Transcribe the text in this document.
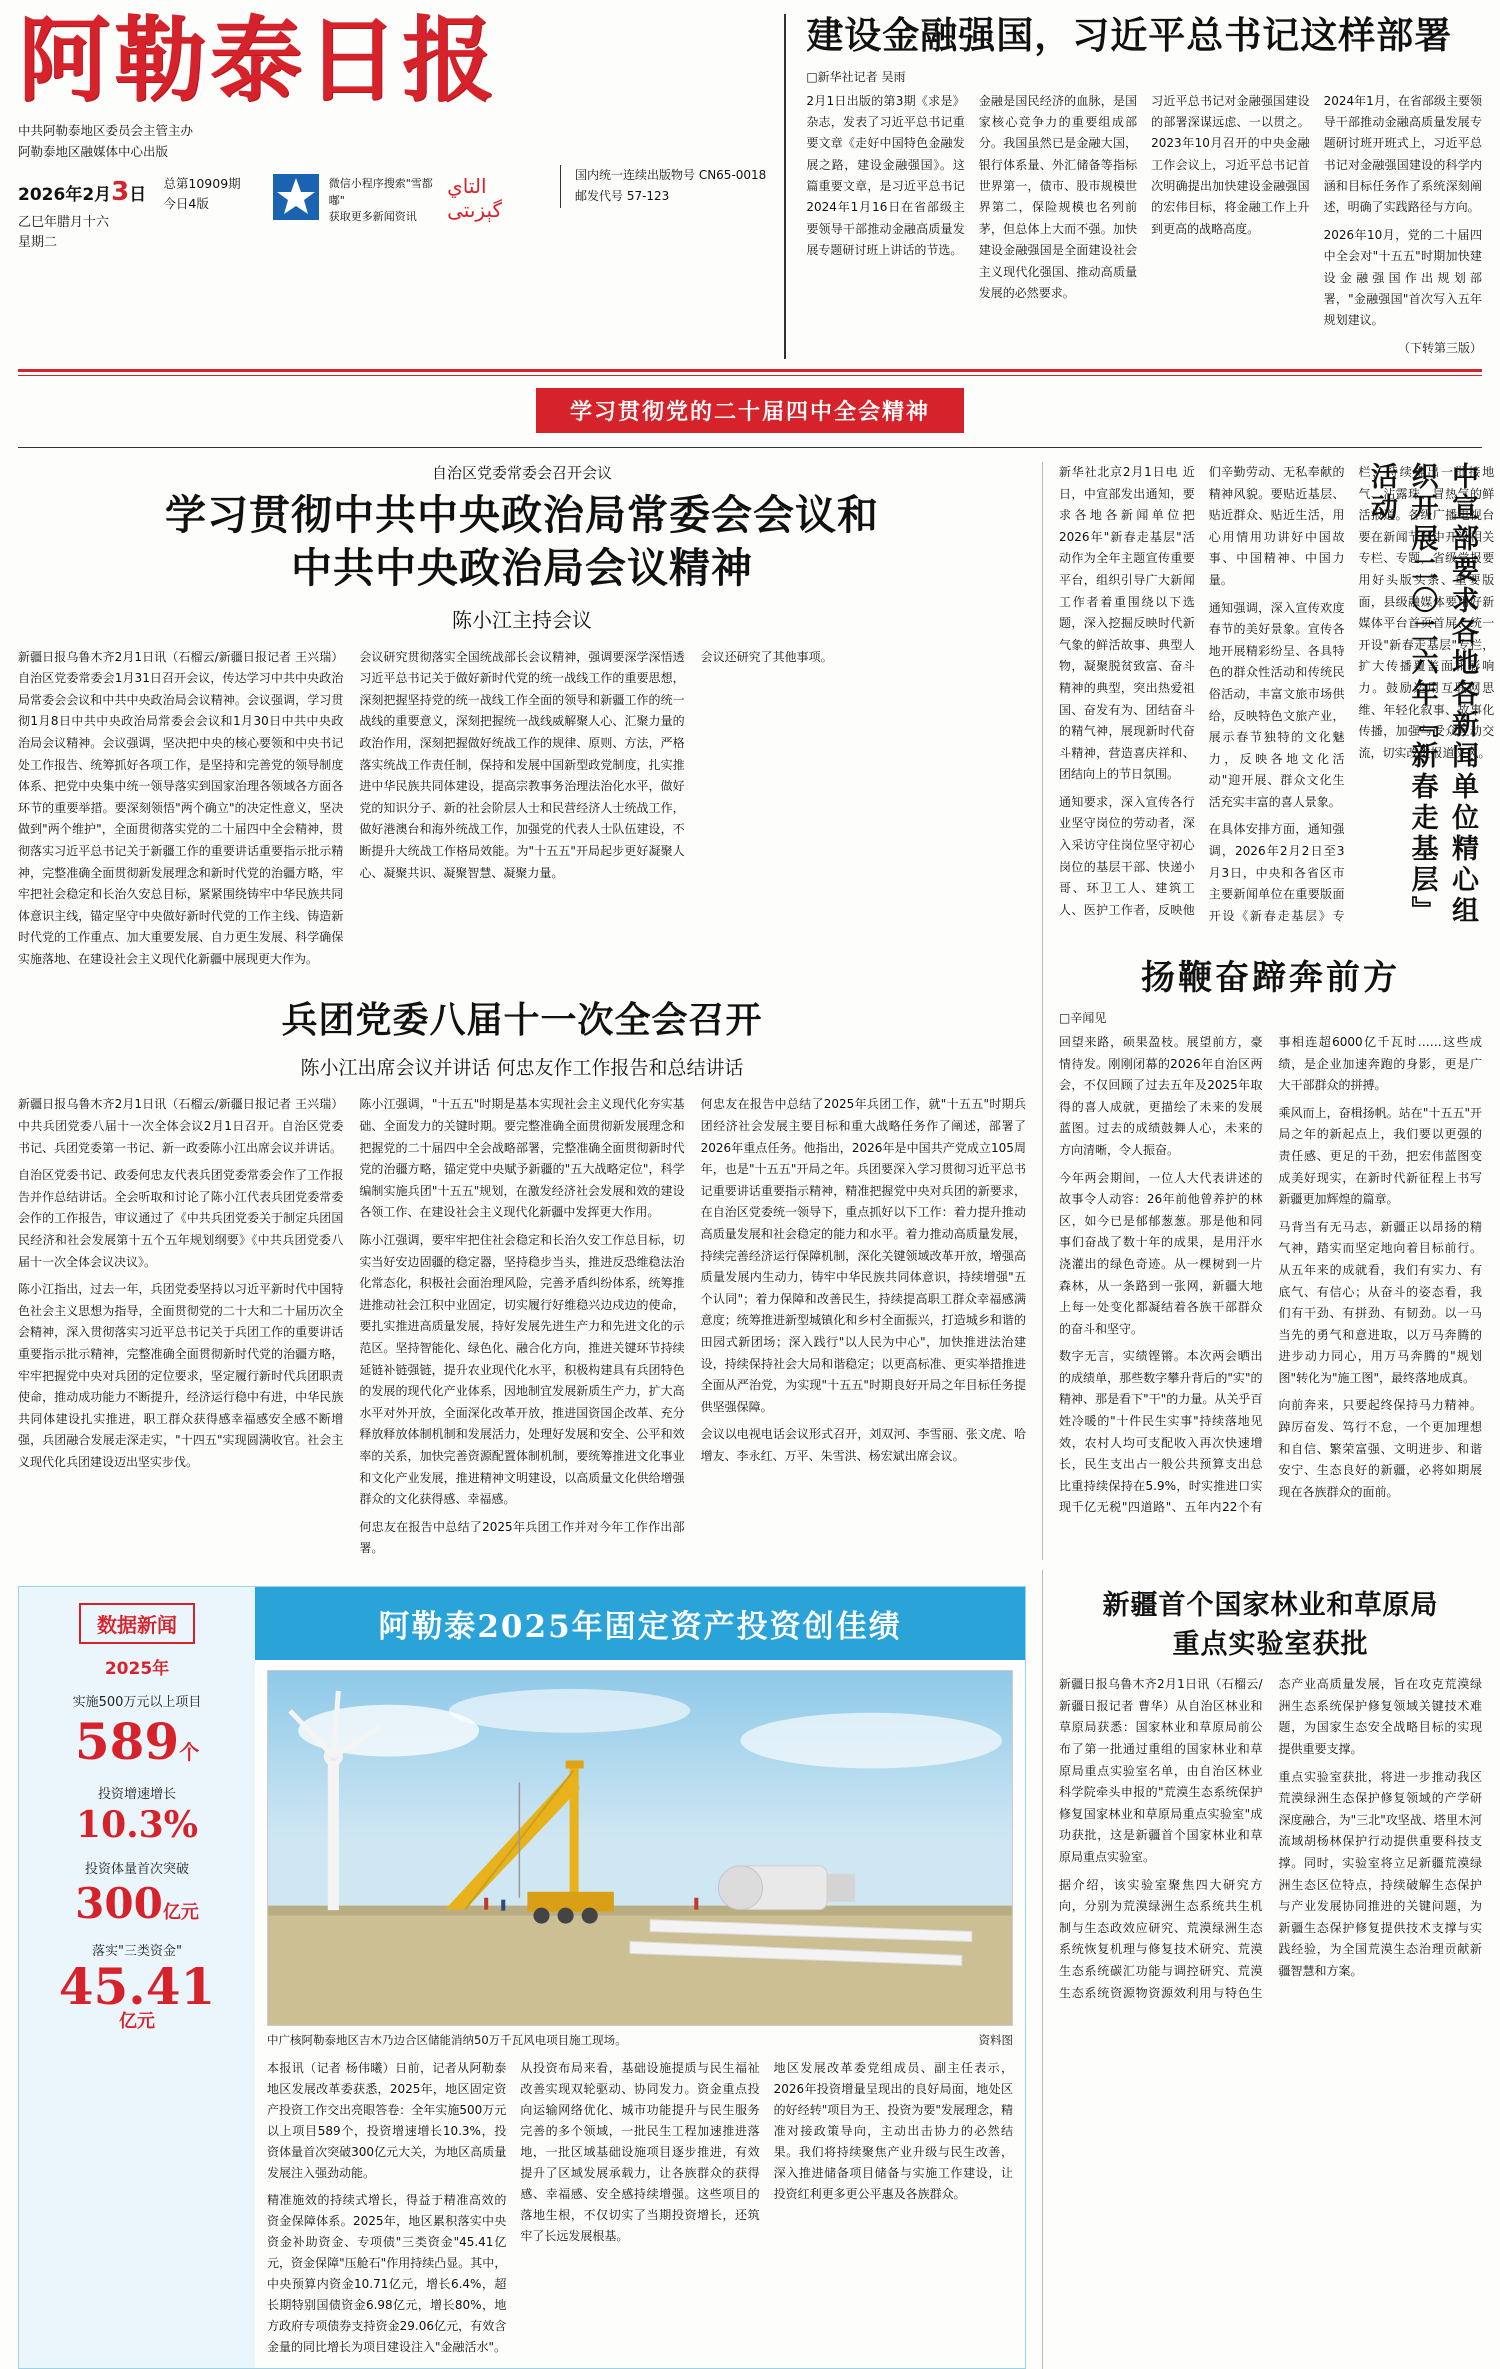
阿勒泰日报
中共阿勒泰地区委员会主管主办
阿勒泰地区融媒体中心出版
2026年2月3日
乙巳年腊月十六
星期二
总第10909期
今日4版
微信小程序搜索"雪都嘟"
获取更多新闻资讯
التاي گېزىتى
国内统一连续出版物号 CN65-0018
邮发代号 57-123
建设金融强国，习近平总书记这样部署
□新华社记者 吴雨

2月1日出版的第3期《求是》杂志，发表了习近平总书记重要文章《走好中国特色金融发展之路，建设金融强国》。这篇重要文章，是习近平总书记2024年1月16日在省部级主要领导干部推动金融高质量发展专题研讨班上讲话的节选。

金融是国民经济的血脉，是国家核心竞争力的重要组成部分。我国虽然已是金融大国，银行体系量、外汇储备等指标世界第一，债市、股市规模世界第二，保险规模也名列前茅，但总体上大而不强。加快建设金融强国是全面建设社会主义现代化强国、推动高质量发展的必然要求。

习近平总书记对金融强国建设的部署深谋远虑、一以贯之。2023年10月召开的中央金融工作会议上，习近平总书记首次明确提出加快建设金融强国的宏伟目标，将金融工作上升到更高的战略高度。

2024年1月，在省部级主要领导干部推动金融高质量发展专题研讨班开班式上，习近平总书记对金融强国建设的科学内涵和目标任务作了系统深刻阐述，明确了实践路径与方向。

2026年10月，党的二十届四中全会对"十五五"时期加快建设金融强国作出规划部署，"金融强国"首次写入五年规划建议。

（下转第三版）
学习贯彻党的二十届四中全会精神
自治区党委常委会召开会议
学习贯彻中共中央政治局常委会会议和
中共中央政治局会议精神
陈小江主持会议

新疆日报乌鲁木齐2月1日讯（石榴云/新疆日报记者 王兴瑞）自治区党委常委会1月31日召开会议，传达学习中共中央政治局常委会会议和中共中央政治局会议精神。会议强调，学习贯彻1月8日中共中央政治局常委会会议和1月30日中共中央政治局会议精神。会议强调，坚决把中央的核心要领和中央书记处工作报告、统筹抓好各项工作，是坚持和完善党的领导制度体系、把党中央集中统一领导落实到国家治理各领域各方面各环节的重要举措。要深刻领悟"两个确立"的决定性意义，坚决做到"两个维护"，全面贯彻落实党的二十届四中全会精神，贯彻落实习近平总书记关于新疆工作的重要讲话重要指示批示精神，完整准确全面贯彻新发展理念和新时代党的治疆方略，牢牢把社会稳定和长治久安总目标，紧紧围绕铸牢中华民族共同体意识主线，锚定坚守中央做好新时代党的工作主线、铸造新时代党的工作重点、加大重要发展、自力更生发展、科学确保实施落地、在建设社会主义现代化新疆中展现更大作为。

会议研究贯彻落实全国统战部长会议精神，强调要深学深悟透习近平总书记关于做好新时代党的统一战线工作的重要思想，深刻把握坚持党的统一战线工作全面的领导和新疆工作的统一战线的重要意义，深刻把握统一战线威解聚人心、汇聚力量的政治作用，深刻把握做好统战工作的规律、原则、方法，严格落实统战工作责任制，保持和发展中国新型政党制度，扎实推进中华民族共同体建设，提高宗教事务治理法治化水平，做好党的知识分子、新的社会阶层人士和民营经济人士统战工作，做好港澳台和海外统战工作，加强党的代表人士队伍建设，不断提升大统战工作格局效能。为"十五五"开局起步更好凝聚人心、凝聚共识、凝聚智慧、凝聚力量。

会议还研究了其他事项。

兵团党委八届十一次全会召开
陈小江出席会议并讲话 何忠友作工作报告和总结讲话

新疆日报乌鲁木齐2月1日讯（石榴云/新疆日报记者 王兴瑞）中共兵团党委八届十一次全体会议2月1日召开。自治区党委书记、兵团党委第一书记、新一政委陈小江出席会议并讲话。

自治区党委书记、政委何忠友代表兵团党委常委会作了工作报告并作总结讲话。全会听取和讨论了陈小江代表兵团党委常委会作的工作报告，审议通过了《中共兵团党委关于制定兵团国民经济和社会发展第十五个五年规划纲要》《中共兵团党委八届十一次全体会议决议》。

陈小江指出，过去一年，兵团党委坚持以习近平新时代中国特色社会主义思想为指导，全面贯彻党的二十大和二十届历次全会精神，深入贯彻落实习近平总书记关于兵团工作的重要讲话重要指示批示精神，完整准确全面贯彻新时代党的治疆方略，牢牢把握党中央对兵团的定位要求，坚定履行新时代兵团职责使命，推动成功能力不断提升，经济运行稳中有进，中华民族共同体建设扎实推进，职工群众获得感幸福感安全感不断增强，兵团融合发展走深走实，"十四五"实现圆满收官。社会主义现代化兵团建设迈出坚实步伐。

陈小江强调，"十五五"时期是基本实现社会主义现代化夯实基础、全面发力的关键时期。要完整准确全面贯彻新发展理念和把握党的二十届四中全会战略部署，完整准确全面贯彻新时代党的治疆方略，锚定党中央赋予新疆的"五大战略定位"，科学编制实施兵团"十五五"规划，在激发经济社会发展和效的建设各领工作、在建设社会主义现代化新疆中发挥更大作用。

陈小江强调，要牢牢把住社会稳定和长治久安工作总目标，切实当好安边固疆的稳定器，坚持稳步当头，推进反恐维稳法治化常态化，积极社会面治理风险，完善矛盾纠纷体系，统筹推进推动社会江积中业固定，切实履行好维稳兴边戍边的使命，要扎实推进高质量发展，持好发展先进生产力和先进文化的示范区。坚持智能化、绿色化、融合化方向，推进关键环节持续延链补链强链，提升农业现代化水平，积极构建具有兵团特色的发展的现代化产业体系，因地制宜发展新质生产力，扩大高水平对外开放，全面深化改革开放，推进国资国企改革、充分释放释放体制机制和发展活力，处理好发展和安全、公平和效率的关系，加快完善资源配置体制机制，要统筹推进文化事业和文化产业发展，推进精神文明建设，以高质量文化供给增强群众的文化获得感、幸福感。

何忠友在报告中总结了2025年兵团工作并对今年工作作出部署。

何忠友在报告中总结了2025年兵团工作，就"十五五"时期兵团经济社会发展主要目标和重大战略任务作了阐述，部署了2026年重点任务。他指出，2026年是中国共产党成立105周年，也是"十五五"开局之年。兵团要深入学习贯彻习近平总书记重要讲话重要指示精神，精准把握党中央对兵团的新要求，在自治区党委统一领导下，重点抓好以下工作：着力提升推动高质量发展和社会稳定的能力和水平。着力推动高质量发展，持续完善经济运行保障机制，深化关键领域改革开放，增强高质量发展内生动力，铸牢中华民族共同体意识，持续增强"五个认同"；着力保障和改善民生，持续提高职工群众幸福感满意度；统筹推进新型城镇化和乡村全面振兴，打造城乡和谐的田园式新团场；深入践行"以人民为中心"，加快推进法治建设，持续保持社会大局和谐稳定；以更高标准、更实举措推进全面从严治党，为实现"十五五"时期良好开局之年目标任务提供坚强保障。

会议以电视电话会议形式召开，刘双河、李雪丽、张文虎、哈增友、李永红、万平、朱雪洪、杨宏斌出席会议。

新华社北京2月1日电 近日，中宣部发出通知，要求各地各新闻单位把2026年"新春走基层"活动作为全年主题宣传重要平台，组织引导广大新闻工作者着重围绕以下选题，深入挖掘反映时代新气象的鲜活故事、典型人物，凝聚脱贫致富、奋斗精神的典型，突出热爱祖国、奋发有为、团结奋斗的精气神，展现新时代奋斗精神，营造喜庆祥和、团结向上的节日氛围。

通知要求，深入宣传各行业坚守岗位的劳动者，深入采访守住岗位坚守初心岗位的基层干部、快递小哥、环卫工人、建筑工人、医护工作者，反映他们辛勤劳动、无私奉献的精神风貌。要贴近基层、贴近群众、贴近生活，用心用情用功讲好中国故事、中国精神、中国力量。

通知强调，深入宣传欢度春节的美好景象。宣传各地开展精彩纷呈、各具特色的群众性活动和传统民俗活动，丰富文旅市场供给，反映特色文旅产业，展示春节独特的文化魅力，反映各地文化活动"迎开展、群众文化生活充实丰富的喜人景象。

在具体安排方面，通知强调，2026年2月2日至3月3日，中央和各省区市主要新闻单位在重要版面开设《新春走基层》专栏，持续推出一批接地气、沾露珠、冒热气的鲜活报道。各级广播电视台要在新闻节目中开设相关专栏、专题，省级党报要用好头版头条、重要版面，县级融媒体要用好新媒体平台首页首屏、统一开设"新春走基层"专栏，扩大传播覆盖面和影响力。鼓励运用互联网思维、年轻化叙事、故事化传播，加强与受众互动交流，切实改进报道文风。

中宣部要求各地各新闻单位精心组织开展二〇二六年『新春走基层』活动
扬鞭奋蹄奔前方
□辛闻见

回望来路，硕果盈枝。展望前方，豪情待发。刚刚闭幕的2026年自治区两会，不仅回顾了过去五年及2025年取得的喜人成就，更描绘了未来的发展蓝图。过去的成绩鼓舞人心，未来的方向清晰，令人振奋。

今年两会期间，一位人大代表讲述的故事令人动容：26年前他曾养护的林区，如今已是郁郁葱葱。那是他和同事们奋战了数十年的成果，是用汗水浇灌出的绿色奇迹。从一棵树到一片森林，从一条路到一张网，新疆大地上每一处变化都凝结着各族干部群众的奋斗和坚守。

数字无言，实绩铿锵。本次两会晒出的成绩单，那些数字攀升背后的"实"的精神、那是看下"干"的力量。从关乎百姓冷暖的"十件民生实事"持续落地见效，农村人均可支配收入再次快速增长，民生支出占一般公共预算支出总比重持续保持在5.9%，时实推进口实现千亿无税"四道路"、五年内22个有事相连超6000亿千瓦时……这些成绩，是企业加速奔跑的身影，更是广大干部群众的拼搏。

乘风而上，奋楫扬帆。站在"十五五"开局之年的新起点上，我们要以更强的责任感、更足的干劲，把宏伟蓝图变成美好现实，在新时代新征程上书写新疆更加辉煌的篇章。

马背当有无马志，新疆正以昂扬的精气神，踏实而坚定地向着目标前行。从五年来的成就看，我们有实力、有底气、有信心；从奋斗的姿态看，我们有干劲、有拼劲、有韧劲。以一马当先的勇气和意进取，以万马奔腾的进步动力同心，用万马奔腾的"规划图"转化为"施工图"，最终落地成真。

向前奔来，只要起终保持马力精神。踔厉奋发、笃行不怠，一个更加理想和自信、繁荣富强、文明进步、和谐安宁、生态良好的新疆，必将如期展现在各族群众的面前。

数据新闻
2025年
实施500万元以上项目
589个
投资增速增长
10.3%
投资体量首次突破
300亿元
落实"三类资金"
45.41
亿元
阿勒泰2025年固定资产投资创佳绩
中广核阿勒泰地区吉木乃边合区储能消纳50万千瓦风电项目施工现场。	资料图

本报讯（记者 杨伟曦）日前，记者从阿勒泰地区发展改革委获悉，2025年，地区固定资产投资工作交出亮眼答卷：全年实施500万元以上项目589个，投资增速增长10.3%，投资体量首次突破300亿元大关，为地区高质量发展注入强劲动能。

精准施效的持续式增长，得益于精准高效的资金保障体系。2025年，地区累积落实中央资金补助资金、专项债"三类资金"45.41亿元，资金保障"压舱石"作用持续凸显。其中，中央预算内资金10.71亿元，增长6.4%，超长期特别国债资金6.98亿元，增长80%，地方政府专项债券支持资金29.06亿元，有效含金量的同比增长为项目建设注入"金融活水"。

从投资布局来看，基础设施提质与民生福祉改善实现双轮驱动、协同发力。资金重点投向运输网络优化、城市功能提升与民生服务完善的多个领域，一批民生工程加速推进落地，一批区域基础设施项目逐步推进，有效提升了区域发展承载力，让各族群众的获得感、幸福感、安全感持续增强。这些项目的落地生根，不仅切实了当期投资增长，还筑牢了长远发展根基。

地区发展改革委党组成员、副主任表示，2026年投资增量呈现出的良好局面，地处区的好经转"项目为王、投资为要"发展理念，精准对接政策导向，主动出击协力的必然结果。我们将持续聚焦产业升级与民生改善，深入推进储备项目储备与实施工作建设，让投资红利更多更公平惠及各族群众。

新疆首个国家林业和草原局
重点实验室获批

新疆日报乌鲁木齐2月1日讯（石榴云/新疆日报记者 曹华）从自治区林业和草原局获悉：国家林业和草原局前公布了第一批通过重组的国家林业和草原局重点实验室名单，由自治区林业科学院牵头申报的"荒漠生态系统保护修复国家林业和草原局重点实验室"成功获批，这是新疆首个国家林业和草原局重点实验室。

据介绍，该实验室聚焦四大研究方向，分别为荒漠绿洲生态系统共生机制与生态政效应研究、荒漠绿洲生态系统恢复机理与修复技术研究、荒漠生态系统碳汇功能与调控研究、荒漠生态系统资源物资源效利用与特色生态产业高质量发展，旨在攻克荒漠绿洲生态系统保护修复领域关键技术难题，为国家生态安全战略目标的实现提供重要支撑。

重点实验室获批，将进一步推动我区荒漠绿洲生态保护修复领域的产学研深度融合，为"三北"攻坚战、塔里木河流域胡杨林保护行动提供重要科技支撑。同时，实验室将立足新疆荒漠绿洲生态区位特点，持续破解生态保护与产业发展协同推进的关键问题，为新疆生态保护修复提供技术支撑与实践经验，为全国荒漠生态治理贡献新疆智慧和方案。
